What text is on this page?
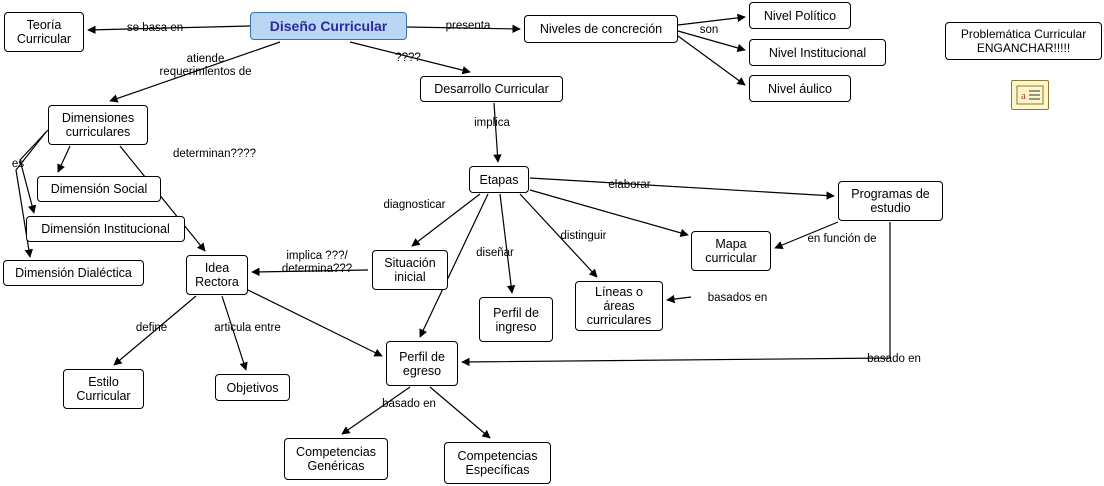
Teoría
Curricular
Diseño Curricular	Niveles de concreción
Nivel Político
Nivel Institucional
Nivel áulico
Problemática Curricular
ENGANCHAR!!!!!
Desarrollo Curricular
Dimensiones
curriculares
Dimensión Social
Dimensión Institucional
Dimensión Dialéctica
Etapas
Programas de
estudio
Mapa
curricular
Situación
inicial
Idea
Rectora
Líneas o
áreas
curriculares
Perfil de
ingreso
Estilo
Curricular
Objetivos
Perfil de
egreso
Competencias
Genéricas
Competencias
Específicas
se basa en	presenta	son
atiende
requerimientos de
????
implica
determinan????
es
elaborar
diagnosticar
distinguir	en función de
implica ???/
determina???
diseñar
basados en
define	articula entre
basado en
basado en
a
